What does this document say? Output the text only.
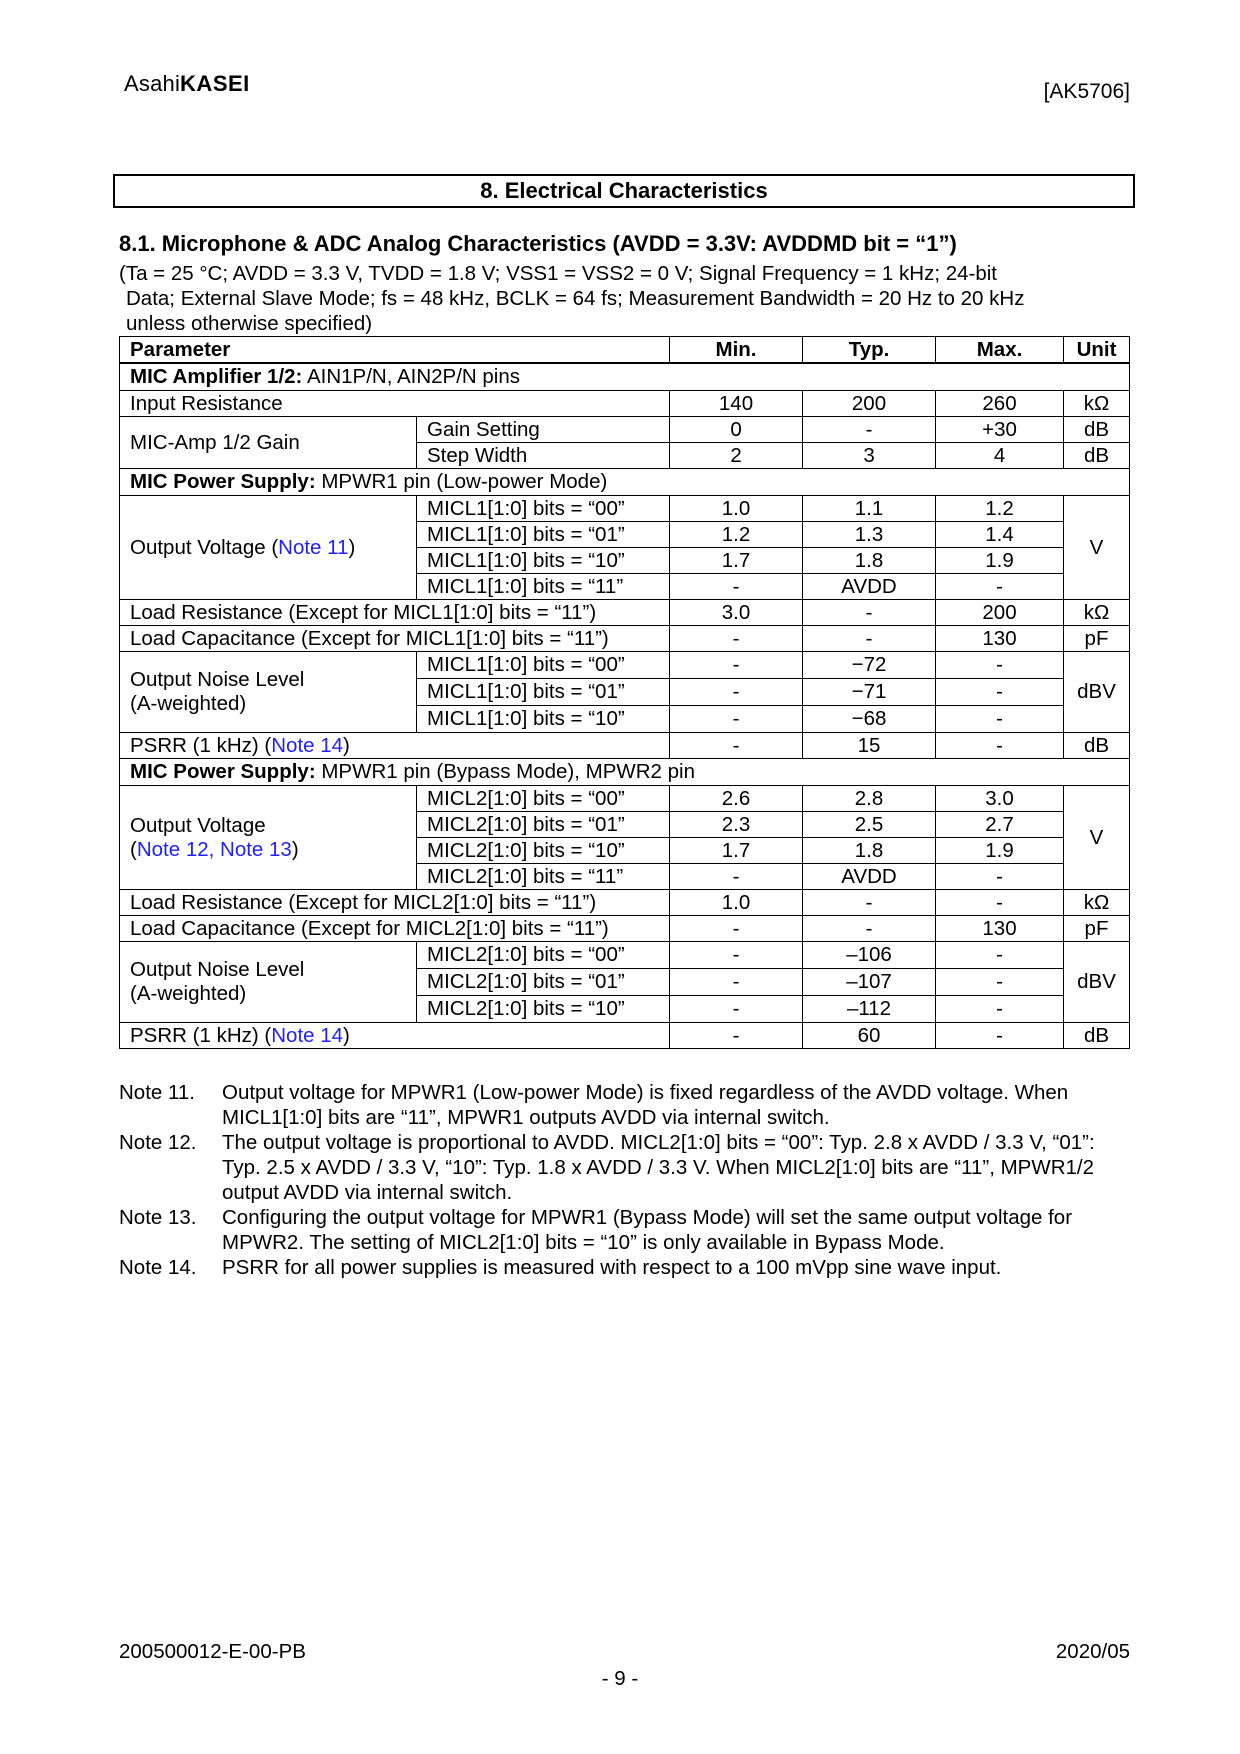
AsahiKASEI	[AK5706]
8. Electrical Characteristics
8.1. Microphone & ADC Analog Characteristics (AVDD = 3.3V: AVDDMD bit = “1”)
(Ta = 25 °C; AVDD = 3.3 V, TVDD = 1.8 V; VSS1 = VSS2 = 0 V; Signal Frequency = 1 kHz; 24-bit
Data; External Slave Mode; fs = 48 kHz, BCLK = 64 fs; Measurement Bandwidth = 20 Hz to 20 kHz
unless otherwise specified)
Parameter		Min.	Typ.	Max.	Unit
MIC Amplifier 1/2: AIN1P/N, AIN2P/N pins					
Input Resistance		140	200	260	kΩ
MIC-Amp 1/2 Gain	Gain Setting	0	-	+30	dB
	Step Width	2	3	4	dB
MIC Power Supply: MPWR1 pin (Low-power Mode)					
Output Voltage (Note 11)	MICL1[1:0] bits = “00”	1.0	1.1	1.2	V
	MICL1[1:0] bits = “01”	1.2	1.3	1.4	
	MICL1[1:0] bits = “10”	1.7	1.8	1.9	
	MICL1[1:0] bits = “11”	-	AVDD	-	
Load Resistance (Except for MICL1[1:0] bits = “11”)		3.0	-	200	kΩ
Load Capacitance (Except for MICL1[1:0] bits = “11”)		-	-	130	pF

Output Noise Level
(A-weighted)	MICL1[1:0] bits = “00”	-	−72	-	dBV
	MICL1[1:0] bits = “01”	-	−71	-	
	MICL1[1:0] bits = “10”	-	−68	-	
PSRR (1 kHz) (Note 14)		-	15	-	dB
MIC Power Supply: MPWR1 pin (Bypass Mode), MPWR2 pin					

Output Voltage
(Note 12, Note 13)	MICL2[1:0] bits = “00”	2.6	2.8	3.0	V
	MICL2[1:0] bits = “01”	2.3	2.5	2.7	
	MICL2[1:0] bits = “10”	1.7	1.8	1.9	
	MICL2[1:0] bits = “11”	-	AVDD	-	
Load Resistance (Except for MICL2[1:0] bits = “11”)		1.0	-	-	kΩ
Load Capacitance (Except for MICL2[1:0] bits = “11”)		-	-	130	pF

Output Noise Level
(A-weighted)	MICL2[1:0] bits = “00”	-	–106	-	dBV
	MICL2[1:0] bits = “01”	-	–107	-	
	MICL2[1:0] bits = “10”	-	–112	-	
PSRR (1 kHz) (Note 14)		-	60	-	dB
Note 11.	Output voltage for MPWR1 (Low-power Mode) is fixed regardless of the AVDD voltage. When MICL1[1:0] bits are “11”, MPWR1 outputs AVDD via internal switch.
Note 12.	The output voltage is proportional to AVDD. MICL2[1:0] bits = “00”: Typ. 2.8 x AVDD / 3.3 V, “01”: Typ. 2.5 x AVDD / 3.3 V, “10”: Typ. 1.8 x AVDD / 3.3 V. When MICL2[1:0] bits are “11”, MPWR1/2 output AVDD via internal switch.
Note 13.	Configuring the output voltage for MPWR1 (Bypass Mode) will set the same output voltage for MPWR2. The setting of MICL2[1:0] bits = “10” is only available in Bypass Mode.
Note 14.	PSRR for all power supplies is measured with respect to a 100 mVpp sine wave input.
200500012-E-00-PB	2020/05
- 9 -
